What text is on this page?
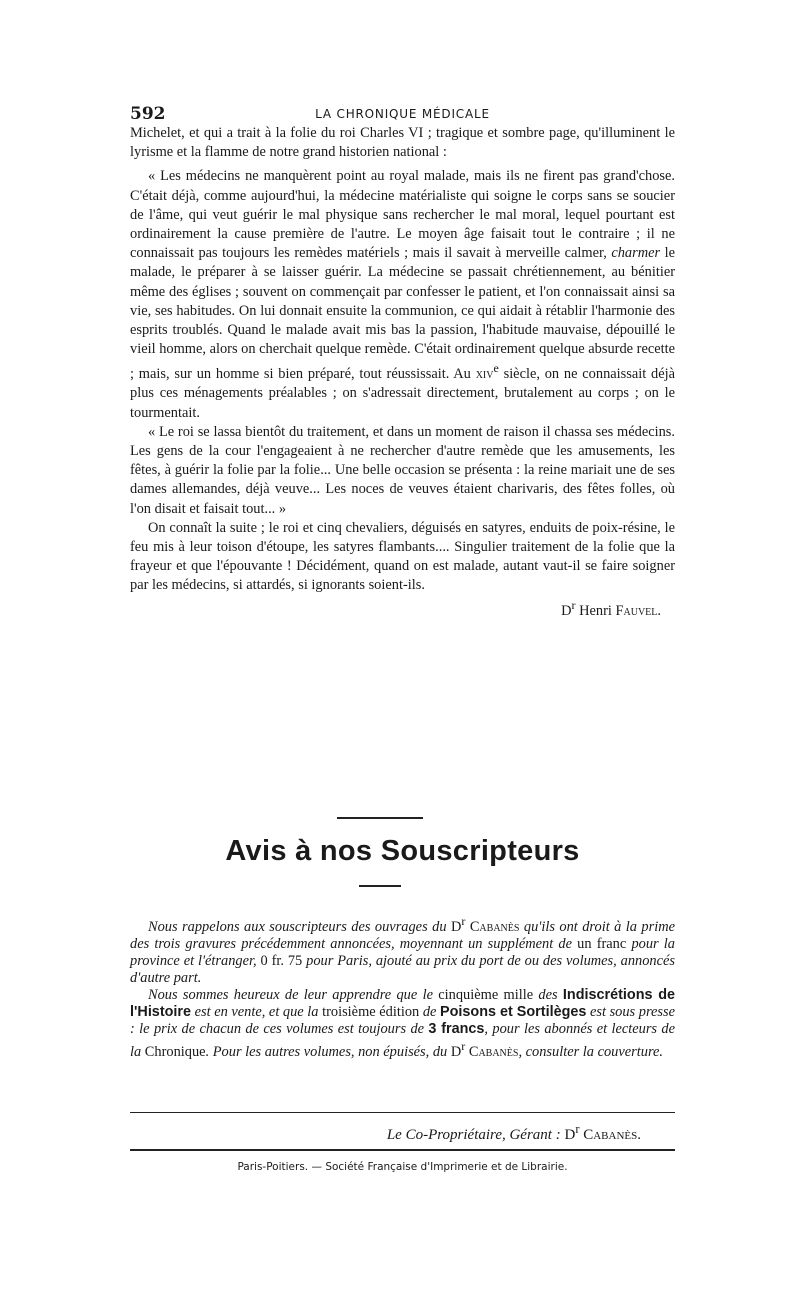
592	LA CHRONIQUE MÉDICALE

Michelet, et qui a trait à la folie du roi Charles VI ; tragique et sombre page, qu'illuminent le lyrisme et la flamme de notre grand historien national :

« Les médecins ne manquèrent point au royal malade, mais ils ne firent pas grand'chose. C'était déjà, comme aujourd'hui, la médecine matérialiste qui soigne le corps sans se soucier de l'âme, qui veut guérir le mal physique sans rechercher le mal moral, lequel pourtant est ordinairement la cause première de l'autre. Le moyen âge faisait tout le contraire ; il ne connaissait pas toujours les remèdes matériels ; mais il savait à merveille calmer, charmer le malade, le préparer à se laisser guérir. La médecine se passait chrétiennement, au bénitier même des églises ; souvent on commençait par confesser le patient, et l'on connaissait ainsi sa vie, ses habitudes. On lui donnait ensuite la communion, ce qui aidait à rétablir l'harmonie des esprits troublés. Quand le malade avait mis bas la passion, l'habitude mauvaise, dépouillé le vieil homme, alors on cherchait quelque remède. C'était ordinairement quelque absurde recette ; mais, sur un homme si bien préparé, tout réussissait. Au xiv$^e$ siècle, on ne connaissait déjà plus ces ménagements préalables ; on s'adressait directement, brutalement au corps ; on le tourmentait.

« Le roi se lassa bientôt du traitement, et dans un moment de raison il chassa ses médecins. Les gens de la cour l'engageaient à ne rechercher d'autre remède que les amusements, les fêtes, à guérir la folie par la folie... Une belle occasion se présenta : la reine mariait une de ses dames allemandes, déjà veuve... Les noces de veuves étaient charivaris, des fêtes folles, où l'on disait et faisait tout... »

On connaît la suite ; le roi et cinq chevaliers, déguisés en satyres, enduits de poix-résine, le feu mis à leur toison d'étoupe, les satyres flambants.... Singulier traitement de la folie que la frayeur et que l'épouvante ! Décidément, quand on est malade, autant vaut-il se faire soigner par les médecins, si attardés, si ignorants soient-ils.

$D^r$ Henri Fauvel.

Avis à nos Souscripteurs

Nous rappelons aux souscripteurs des ouvrages du $D^r$ Cabanès qu'ils ont droit à la prime des trois gravures précédemment annoncées, moyennant un supplément de un franc pour la province et l'étranger, 0 fr. 75 pour Paris, ajouté au prix du port de ou des volumes, annoncés d'autre part.

Nous sommes heureux de leur apprendre que le cinquième mille des Indiscrétions de l'Histoire est en vente, et que la troisième édition de Poisons et Sortilèges est sous presse : le prix de chacun de ces volumes est toujours de 3 francs, pour les abonnés et lecteurs de la Chronique. Pour les autres volumes, non épuisés, du $D^r$ Cabanès, consulter la couverture.

Le Co-Propriétaire, Gérant : $D^r$ Cabanès.
Paris-Poitiers. — Société Française d'Imprimerie et de Librairie.
